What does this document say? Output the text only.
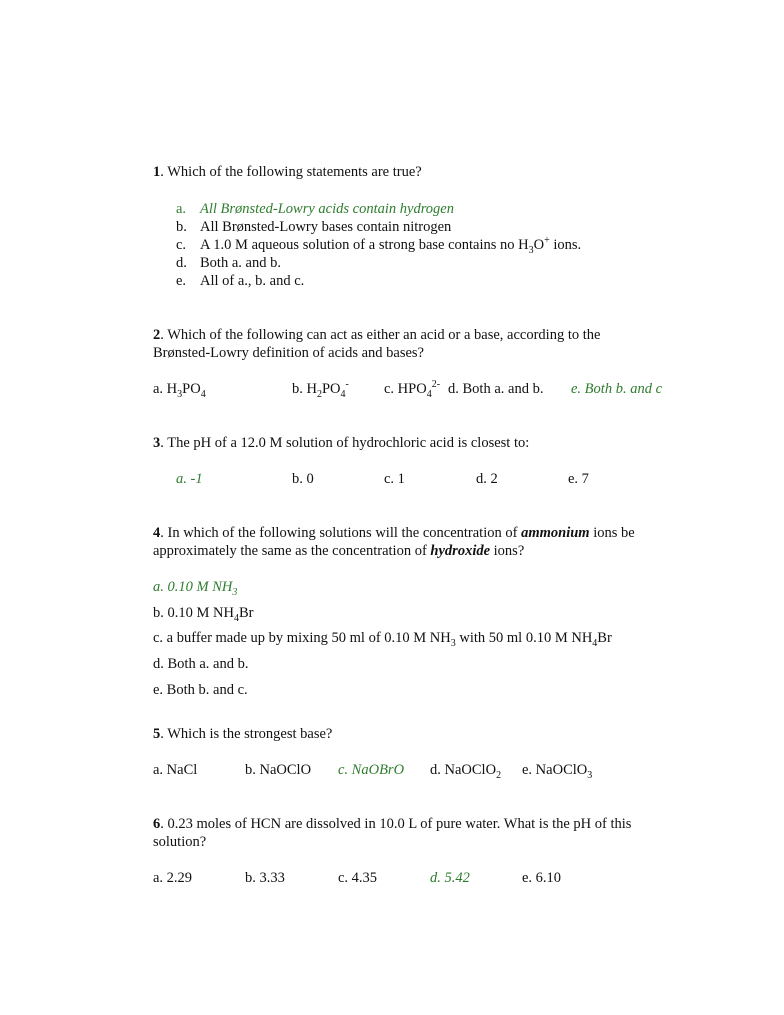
1. Which of the following statements are true?
a. All Brønsted-Lowry acids contain hydrogen
b. All Brønsted-Lowry bases contain nitrogen
c. A 1.0 M aqueous solution of a strong base contains no $H_3O^+$ ions.
d. Both a. and b.
e. All of a., b. and c.
2. Which of the following can act as either an acid or a base, according to the
Brønsted-Lowry definition of acids and bases?
a. $H_3PO_4$	b. $H_2PO_4^-$ c. $HPO_4^{2-}$ d. Both a. and b. e. Both b. and c
3. The pH of a 12.0 M solution of hydrochloric acid is closest to:
a. -1	b. 0	c. 1	d. 2	e. 7
4. In which of the following solutions will the concentration of ammonium ions be
approximately the same as the concentration of hydroxide ions?
a. 0.10 M $NH_3$
b. 0.10 M $NH_4Br$
c. a buffer made up by mixing 50 ml of 0.10 M $NH_3$ with 50 ml 0.10 M $NH_4Br$
d. Both a. and b.
e. Both b. and c.
5. Which is the strongest base?
a. NaCl	b. NaOClO c. NaOBrO d. NaOClO$_2$ e. NaOClO$_3$
6. 0.23 moles of HCN are dissolved in 10.0 L of pure water. What is the pH of this
solution?
a. 2.29	b. 3.33	c. 4.35	d. 5.42	e. 6.10
